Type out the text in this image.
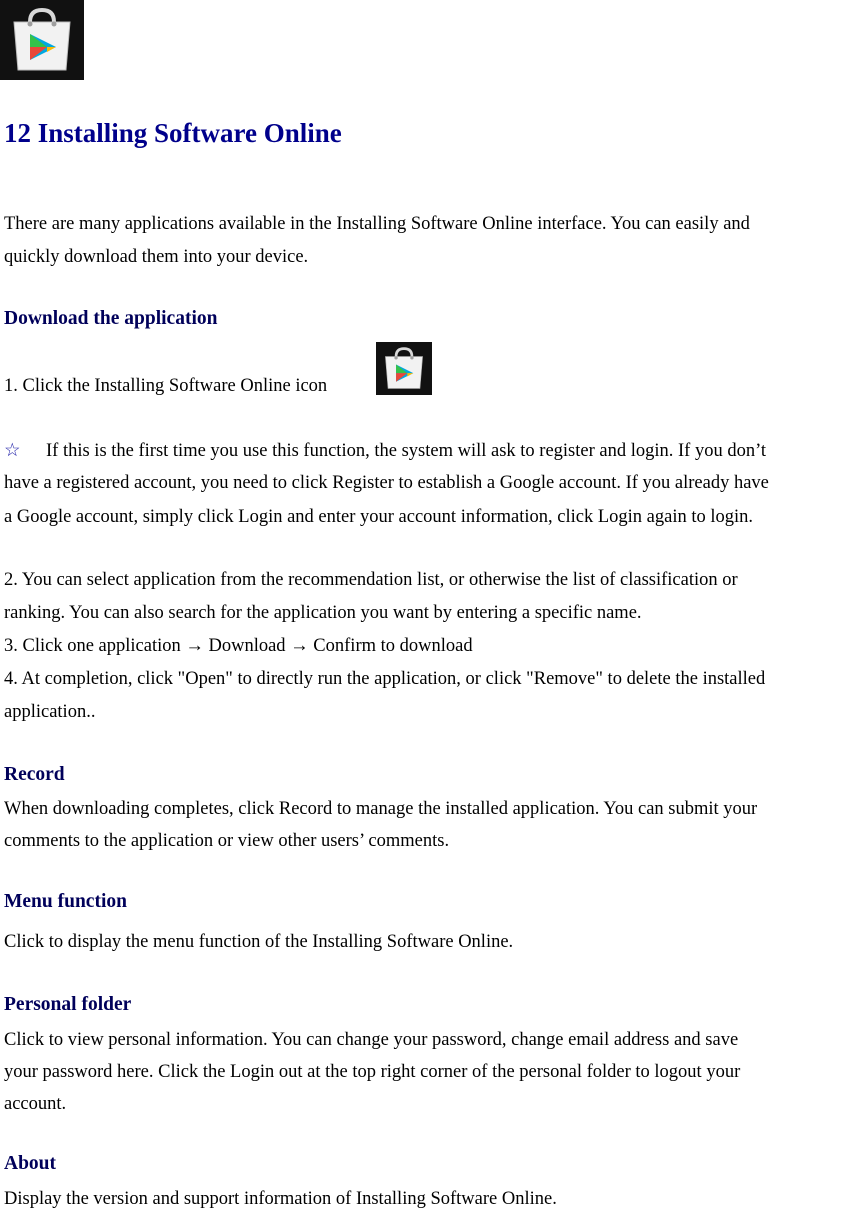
12 Installing Software Online
There are many applications available in the Installing Software Online interface. You can easily and
quickly download them into your device.
Download the application
1. Click the Installing Software Online icon
☆ If this is the first time you use this function, the system will ask to register and login. If you don’t
have a registered account, you need to click Register to establish a Google account. If you already have
a Google account, simply click Login and enter your account information, click Login again to login.
2. You can select application from the recommendation list, or otherwise the list of classification or
ranking. You can also search for the application you want by entering a specific name.
3. Click one application → Download → Confirm to download
4. At completion, click "Open" to directly run the application, or click "Remove" to delete the installed
application..
Record
When downloading completes, click Record to manage the installed application. You can submit your
comments to the application or view other users’ comments.
Menu function
Click to display the menu function of the Installing Software Online.
Personal folder
Click to view personal information. You can change your password, change email address and save
your password here. Click the Login out at the top right corner of the personal folder to logout your
account.
About
Display the version and support information of Installing Software Online.
